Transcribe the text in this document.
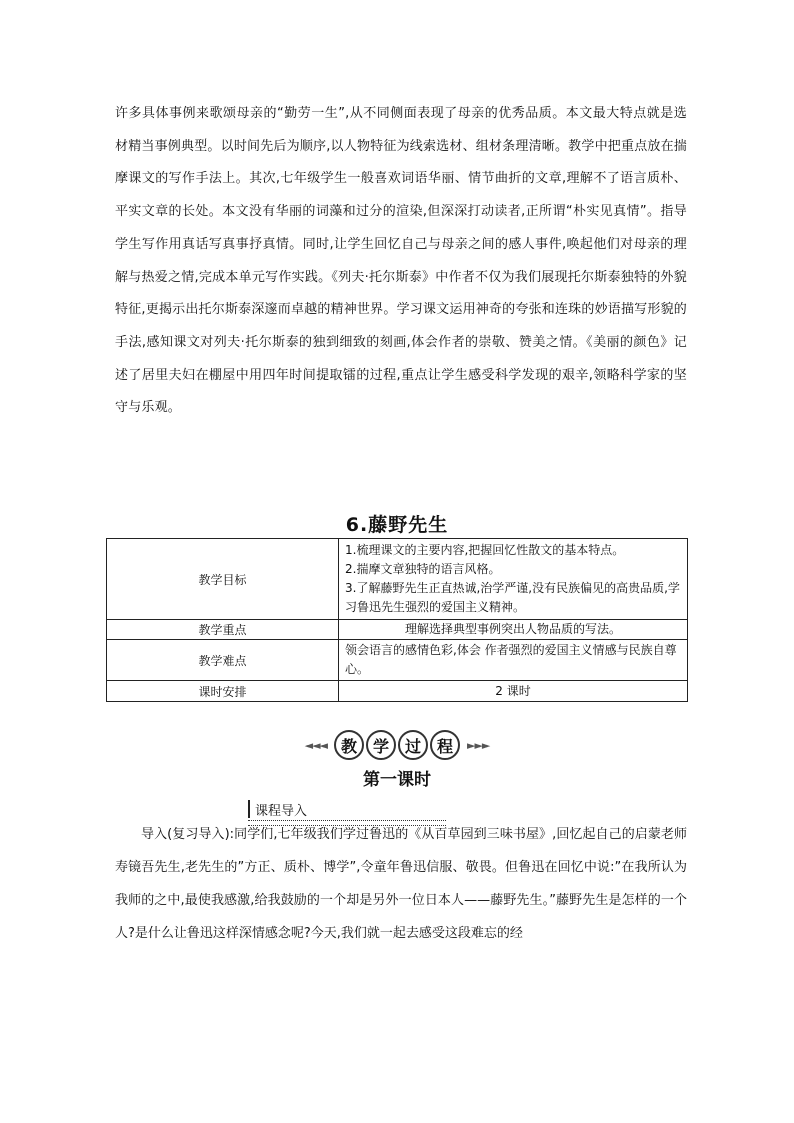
许多具体事例来歌颂母亲的“勤劳一生”,从不同侧面表现了母亲的优秀品质。本文最大特点就是选材精当事例典型。以时间先后为顺序,以人物特征为线索选材、组材条理清晰。教学中把重点放在揣摩课文的写作手法上。其次,七年级学生一般喜欢词语华丽、情节曲折的文章,理解不了语言质朴、平实文章的长处。本文没有华丽的词藻和过分的渲染,但深深打动读者,正所谓“朴实见真情”。指导学生写作用真话写真事抒真情。同时,让学生回忆自己与母亲之间的感人事件,唤起他们对母亲的理解与热爱之情,完成本单元写作实践。《列夫·托尔斯泰》中作者不仅为我们展现托尔斯泰独特的外貌特征,更揭示出托尔斯泰深邃而卓越的精神世界。学习课文运用神奇的夸张和连珠的妙语描写形貌的手法,感知课文对列夫·托尔斯泰的独到细致的刻画,体会作者的崇敬、赞美之情。《美丽的颜色》记述了居里夫妇在棚屋中用四年时间提取镭的过程,重点让学生感受科学发现的艰辛,领略科学家的坚守与乐观。

6.藤野先生
教学目标	1.梳理课文的主要内容,把握回忆性散文的基本特点。
2.揣摩文章独特的语言风格。
3.了解藤野先生正直热诚,治学严谨,没有民族偏见的高贵品质,学习鲁迅先生强烈的爱国主义精神。

教学重点	理解选择典型事例突出人物品质的写法。
教学难点	领会语言的感情色彩,体会 作者强烈的爱国主义情感与民族自尊心。
课时安排	2 课时
◄◄◄ 教 学 过 程	►►►
第一课时
课程导入

导入(复习导入):同学们,七年级我们学过鲁迅的《从百草园到三味书屋》,回忆起自己的启蒙老师寿镜吾先生,老先生的”方正、质朴、博学”,令童年鲁迅信服、敬畏。但鲁迅在回忆中说:”在我所认为我师的之中,最使我感激,给我鼓励的一个却是另外一位日本人——藤野先生。”藤野先生是怎样的一个人?是什么让鲁迅这样深情感念呢?今天,我们就一起去感受这段难忘的经
